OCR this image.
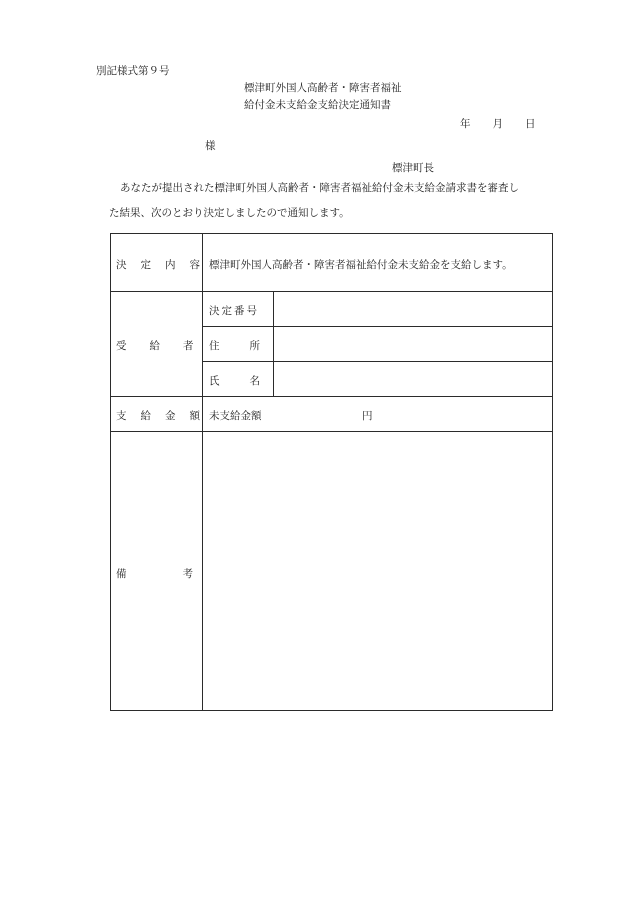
別記様式第９号
標津町外国人高齢者・障害者福祉
給付金未支給金支給決定通知書
年 月 日
様
標津町長
あなたが提出された標津町外国人高齢者・障害者福祉給付金未支給金請求書を審査し
た結果、次のとおり決定しましたので通知します。
決定内容
標津町外国人高齢者・障害者福祉給付金未支給金を支給します。
受給者
決定番号
住所
氏名
支給金額
未支給金額	円
備考
